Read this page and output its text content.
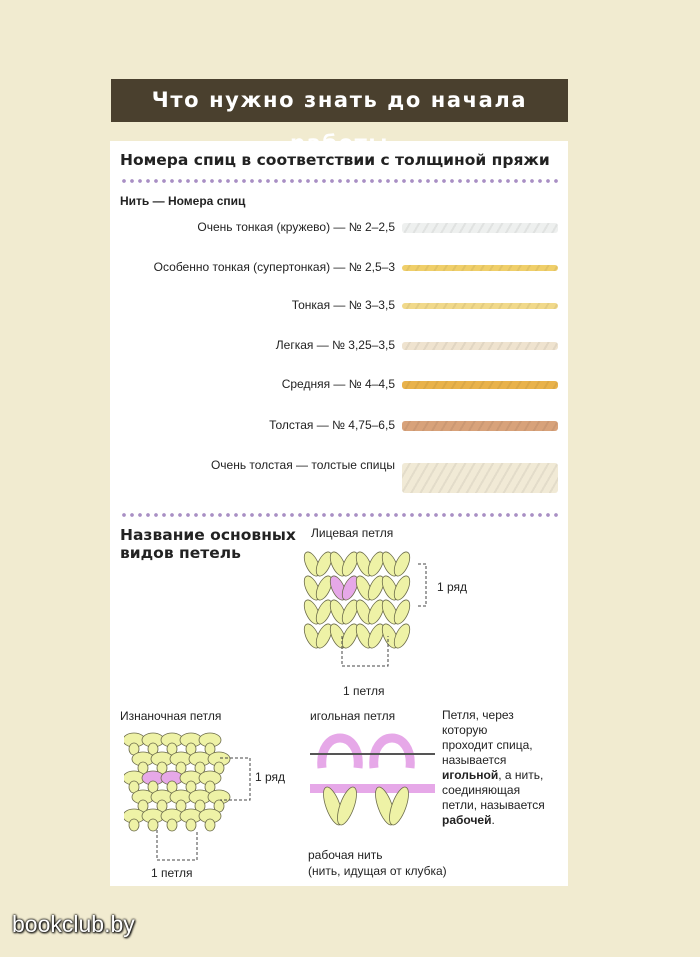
Что нужно знать до начала
Номера спиц в соответствии с толщиной пряжи
Нить — Номера спиц
Очень тонкая (кружево) — № 2–2,5
Особенно тонкая (супертонкая) — № 2,5–3
Тонкая — № 3–3,5
Легкая — № 3,25–3,5
Средняя — № 4–4,5
Толстая — № 4,75–6,5
Очень толстая — толстые спицы
Название основных
видов петель
Лицевая петля
1 ряд
1 петля
Изнаночная петля
1 ряд
1 петля
игольная петля	Петля, через
которую
проходит спица,
называется
игольной, а нить,
соединяющая
петли, называется
рабочей.
рабочая нить
(нить, идущая от клубка)
bookclub.by
